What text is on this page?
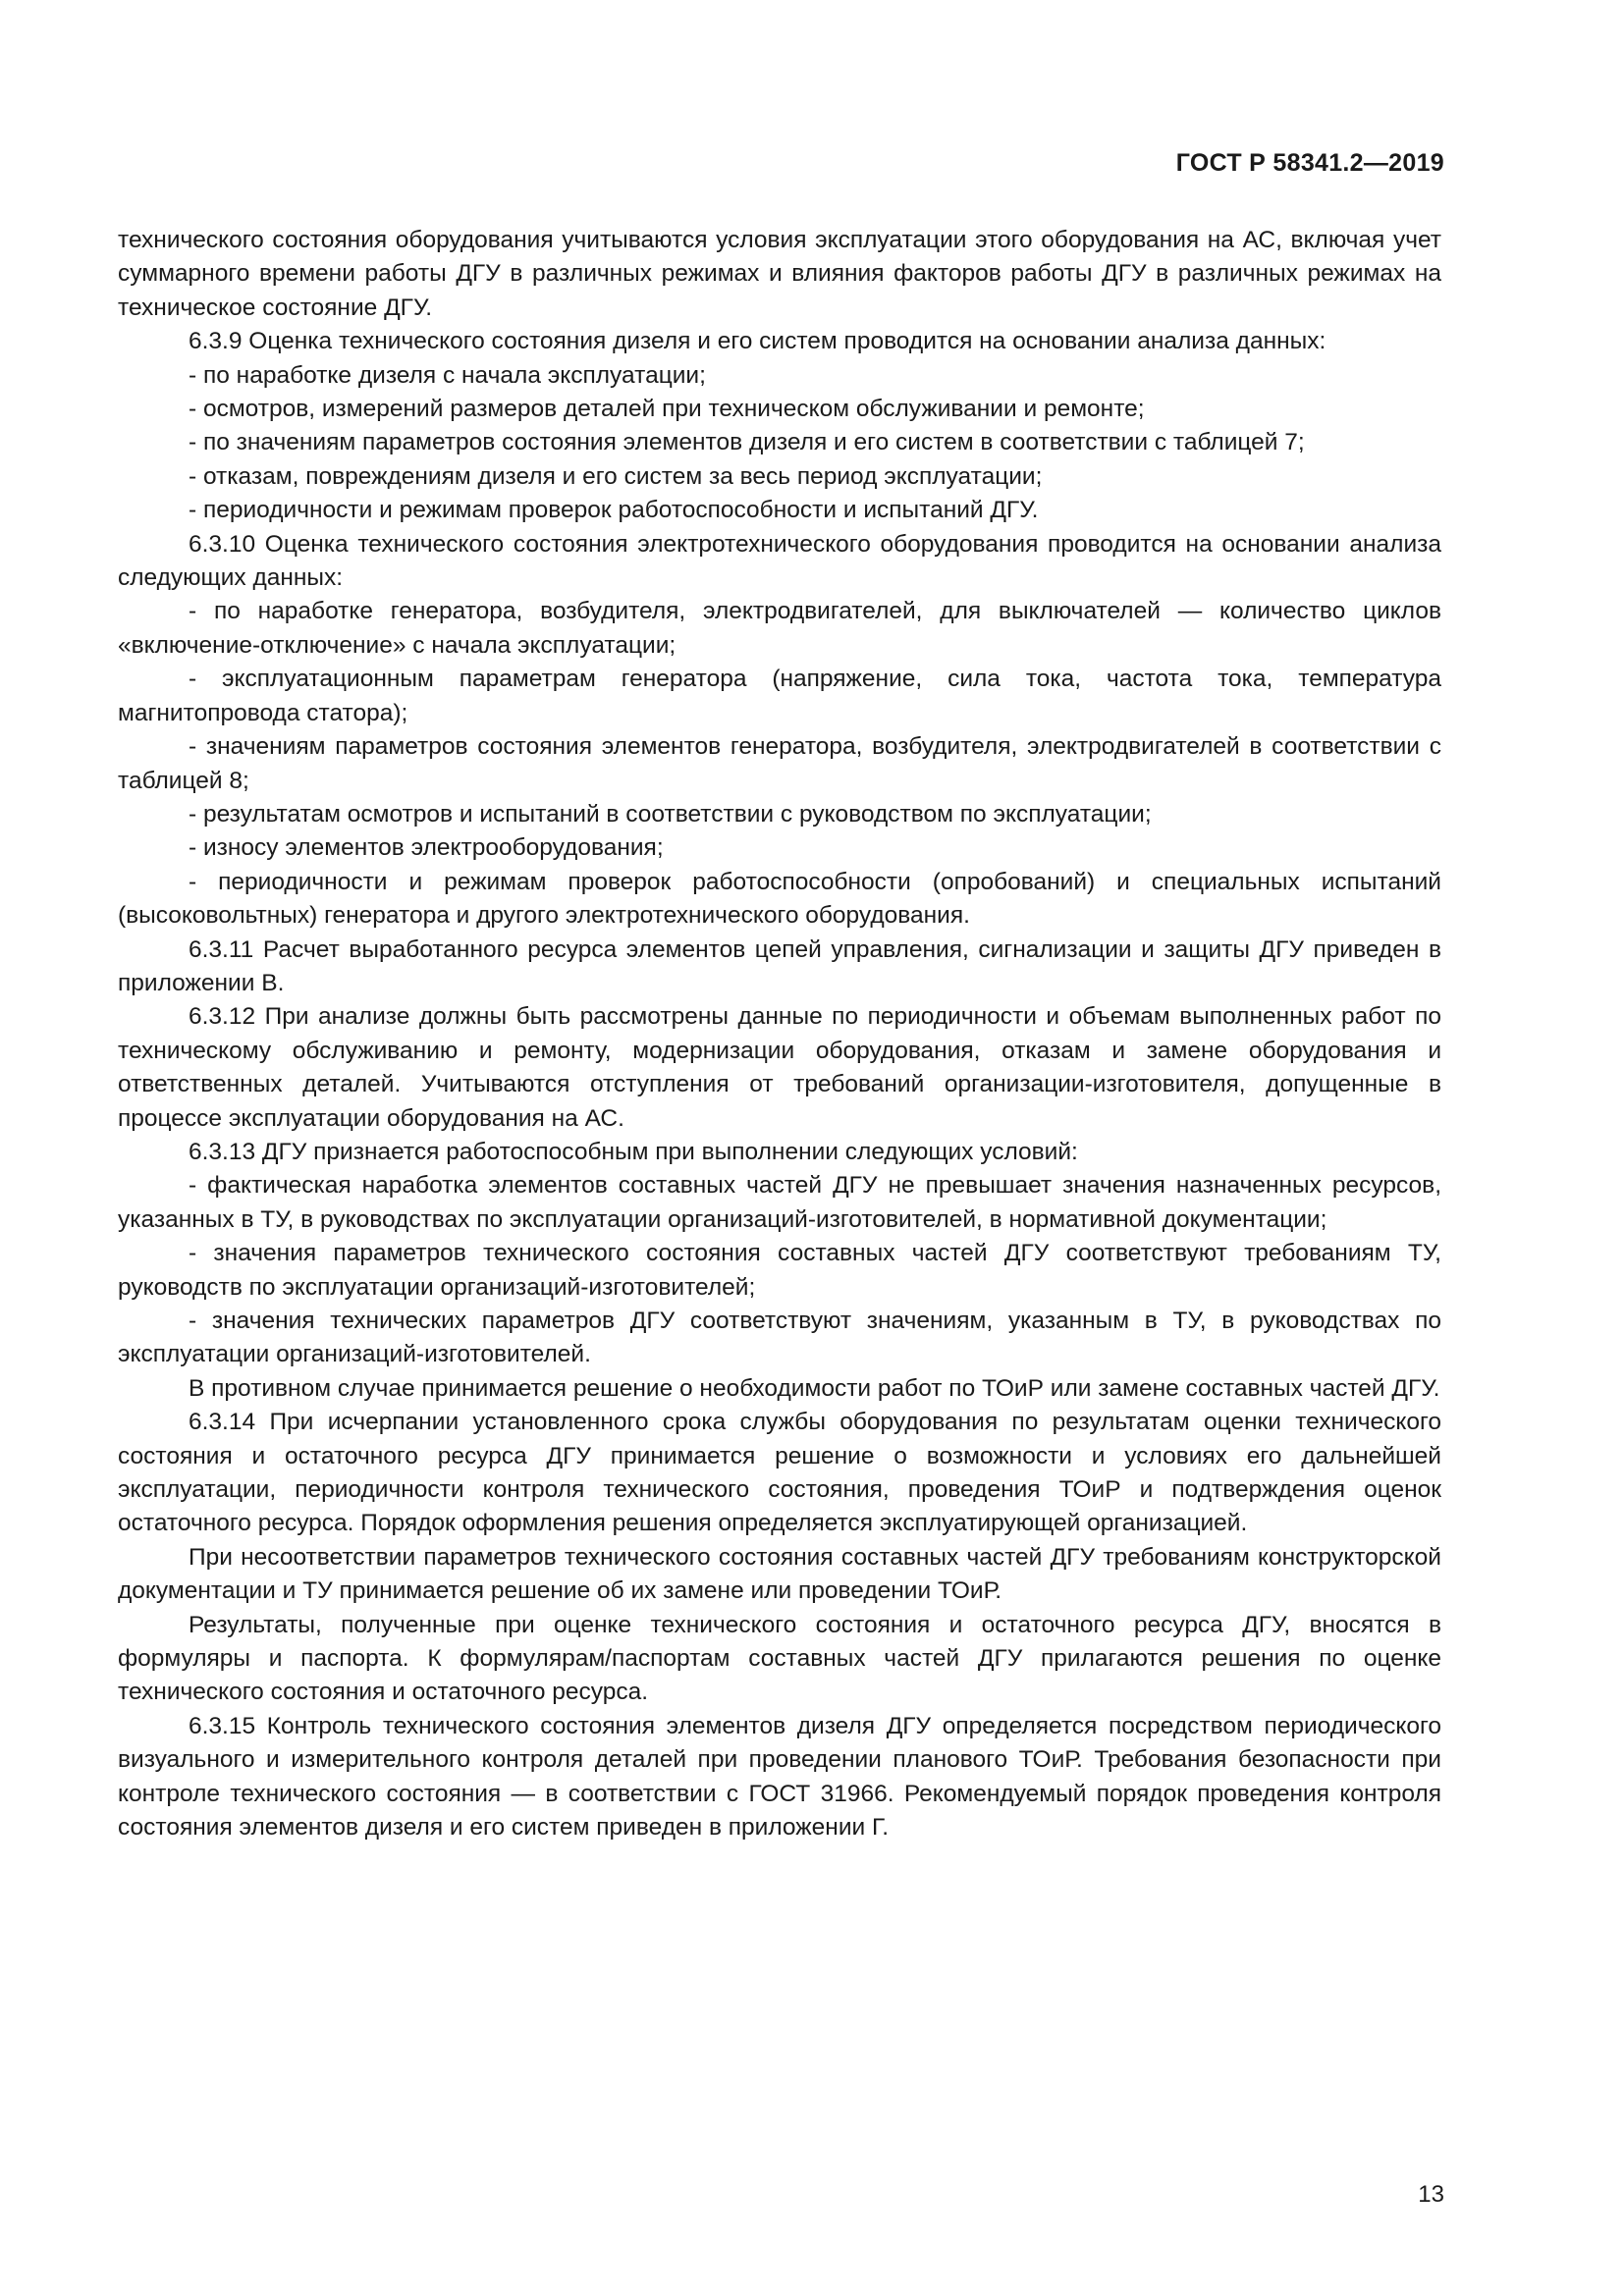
ГОСТ Р 58341.2—2019

технического состояния оборудования учитываются условия эксплуатации этого оборудования на АС, включая учет суммарного времени работы ДГУ в различных режимах и влияния факторов работы ДГУ в различных режимах на техническое состояние ДГУ.

6.3.9 Оценка технического состояния дизеля и его систем проводится на основании анализа данных:

- по наработке дизеля с начала эксплуатации;

- осмотров, измерений размеров деталей при техническом обслуживании и ремонте;

- по значениям параметров состояния элементов дизеля и его систем в соответствии с таблицей 7;

- отказам, повреждениям дизеля и его систем за весь период эксплуатации;

- периодичности и режимам проверок работоспособности и испытаний ДГУ.

6.3.10 Оценка технического состояния электротехнического оборудования проводится на основании анализа следующих данных:

- по наработке генератора, возбудителя, электродвигателей, для выключателей — количество циклов «включение-отключение» с начала эксплуатации;

- эксплуатационным параметрам генератора (напряжение, сила тока, частота тока, температура магнитопровода статора);

- значениям параметров состояния элементов генератора, возбудителя, электродвигателей в соответствии с таблицей 8;

- результатам осмотров и испытаний в соответствии с руководством по эксплуатации;

- износу элементов электрооборудования;

- периодичности и режимам проверок работоспособности (опробований) и специальных испытаний (высоковольтных) генератора и другого электротехнического оборудования.

6.3.11 Расчет выработанного ресурса элементов цепей управления, сигнализации и защиты ДГУ приведен в приложении В.

6.3.12 При анализе должны быть рассмотрены данные по периодичности и объемам выполненных работ по техническому обслуживанию и ремонту, модернизации оборудования, отказам и замене оборудования и ответственных деталей. Учитываются отступления от требований организации-изготовителя, допущенные в процессе эксплуатации оборудования на АС.

6.3.13 ДГУ признается работоспособным при выполнении следующих условий:

- фактическая наработка элементов составных частей ДГУ не превышает значения назначенных ресурсов, указанных в ТУ, в руководствах по эксплуатации организаций-изготовителей, в нормативной документации;

- значения параметров технического состояния составных частей ДГУ соответствуют требованиям ТУ, руководств по эксплуатации организаций-изготовителей;

- значения технических параметров ДГУ соответствуют значениям, указанным в ТУ, в руководствах по эксплуатации организаций-изготовителей.

В противном случае принимается решение о необходимости работ по ТОиР или замене составных частей ДГУ.

6.3.14 При исчерпании установленного срока службы оборудования по результатам оценки технического состояния и остаточного ресурса ДГУ принимается решение о возможности и условиях его дальнейшей эксплуатации, периодичности контроля технического состояния, проведения ТОиР и подтверждения оценок остаточного ресурса. Порядок оформления решения определяется эксплуатирующей организацией.

При несоответствии параметров технического состояния составных частей ДГУ требованиям конструкторской документации и ТУ принимается решение об их замене или проведении ТОиР.

Результаты, полученные при оценке технического состояния и остаточного ресурса ДГУ, вносятся в формуляры и паспорта. К формулярам/паспортам составных частей ДГУ прилагаются решения по оценке технического состояния и остаточного ресурса.

6.3.15 Контроль технического состояния элементов дизеля ДГУ определяется посредством периодического визуального и измерительного контроля деталей при проведении планового ТОиР. Требования безопасности при контроле технического состояния — в соответствии с ГОСТ 31966. Рекомендуемый порядок проведения контроля состояния элементов дизеля и его систем приведен в приложении Г.

13
